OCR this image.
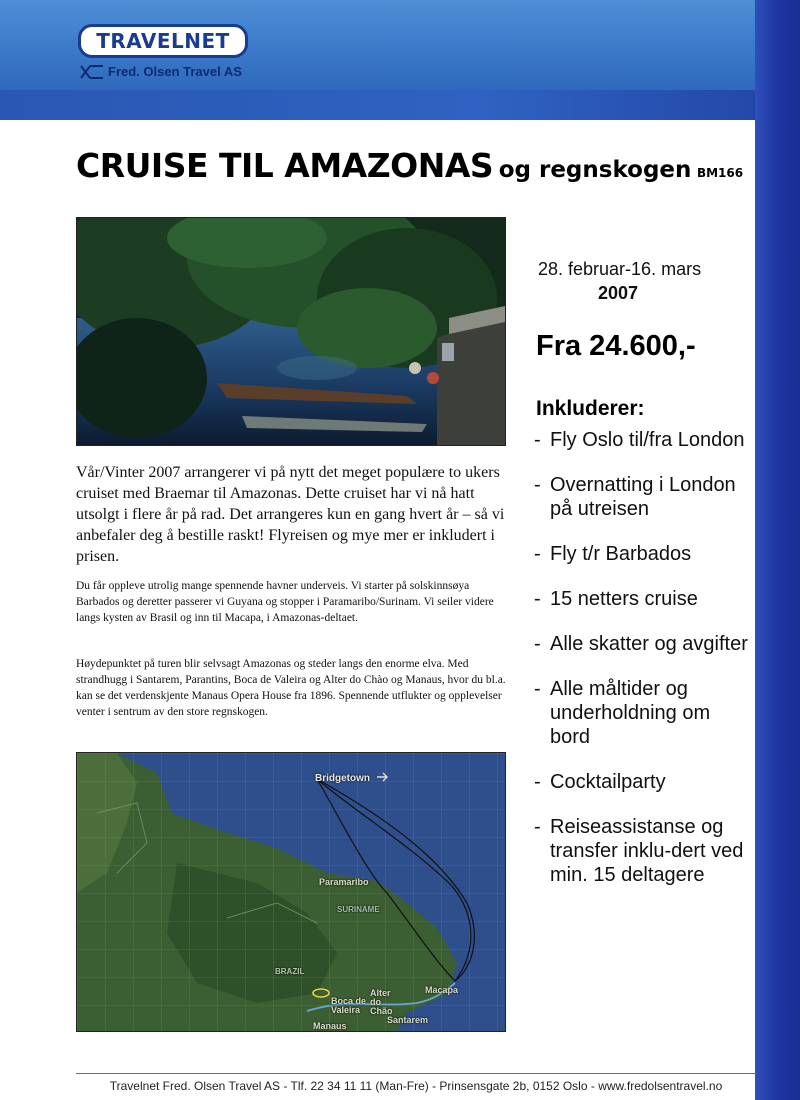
TRAVELNET
Fred. Olsen Travel AS
CRUISE TIL AMAZONAS og regnskogen BM166
Vår/Vinter 2007 arrangerer vi på nytt det meget populære to ukers cruiset med Braemar til Amazonas. Dette cruiset har vi nå hatt utsolgt i flere år på rad. Det arrangeres kun en gang hvert år – så vi anbefaler deg å bestille raskt! Flyreisen og mye mer er inkludert i prisen.
Du får oppleve utrolig mange spennende havner underveis. Vi starter på solskinnsøya Barbados og deretter passerer vi Guyana og stopper i Paramaribo/Surinam. Vi seiler videre langs kysten av Brasil og inn til Macapa, i Amazonas-deltaet.
Høydepunktet på turen blir selvsagt Amazonas og steder langs den enorme elva. Med strandhugg i Santarem, Parantins, Boca de Valeira og Alter do Chào og Manaus, hvor du bl.a. kan se det verdenskjente Manaus Opera House fra 1896. Spennende utflukter og opplevelser venter i sentrum av den store regnskogen.
Bridgetown
Paramaribo
SURINAME
BRAZIL
Boca de Valeira
Alter do Chão
Macapa
Santarem
Manaus
28. februar-16. mars
2007
Fra 24.600,-
Inkluderer:
- Fly Oslo til/fra London
- Overnatting i London på utreisen
- Fly t/r Barbados
- 15 netters cruise
- Alle skatter og avgifter
- Alle måltider og underholdning om bord
- Cocktailparty
- Reiseassistanse og transfer inklu-dert ved min. 15 deltagere
Travelnet Fred. Olsen Travel AS - Tlf. 22 34 11 11 (Man-Fre) - Prinsensgate 2b, 0152 Oslo - www.fredolsentravel.no
